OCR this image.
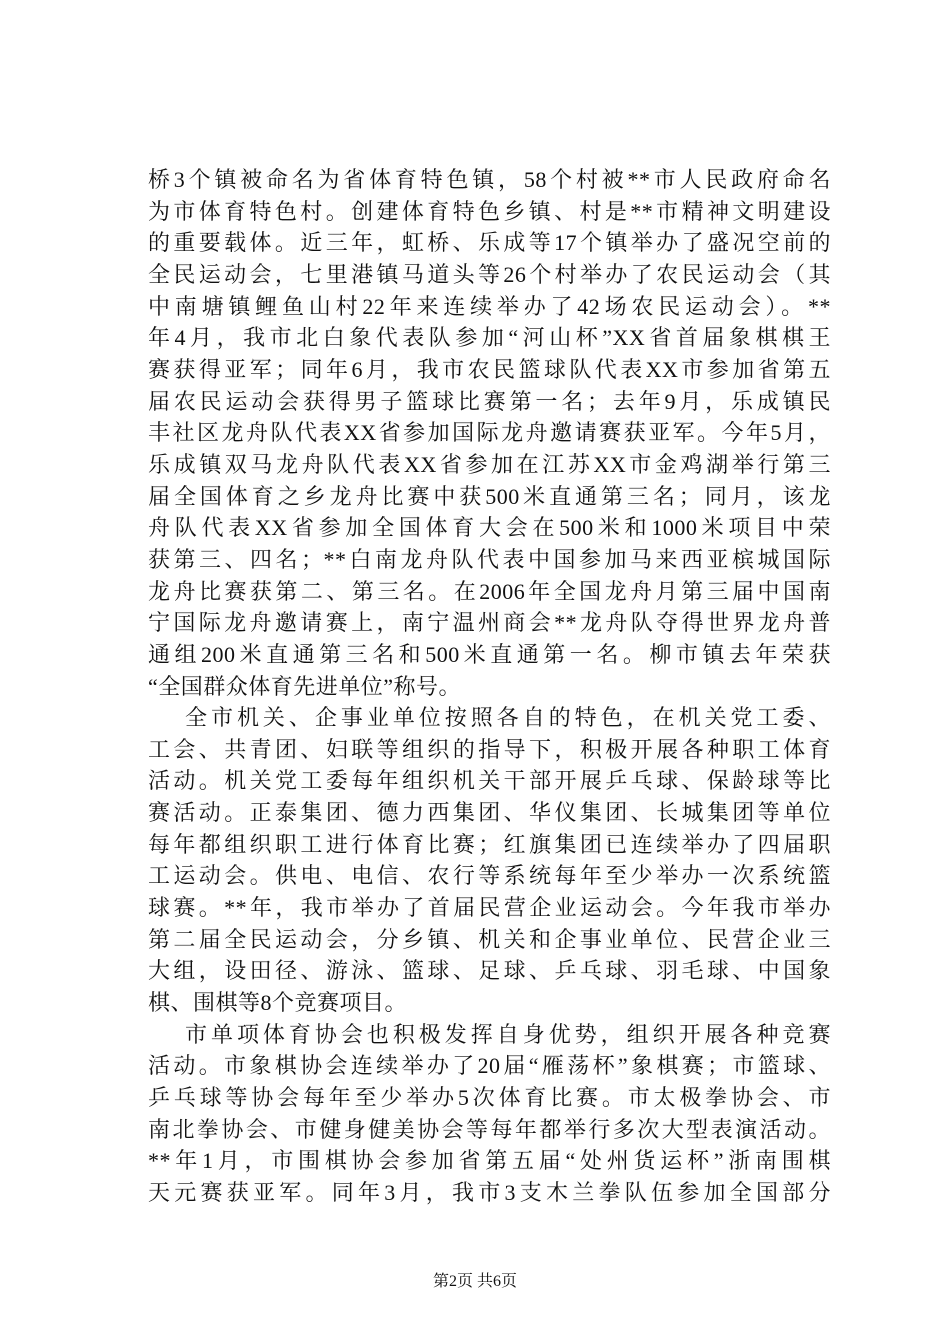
桥3个镇被命名为省体育特色镇，58个村被**市人民政府命名
为市体育特色村。创建体育特色乡镇、村是**市精神文明建设
的重要载体。近三年，虹桥、乐成等17个镇举办了盛况空前的
全民运动会，七里港镇马道头等26个村举办了农民运动会（其
中南塘镇鲤鱼山村22年来连续举办了42场农民运动会）。**
年4月，我市北白象代表队参加“河山杯”XX省首届象棋棋王
赛获得亚军；同年6月，我市农民篮球队代表XX市参加省第五
届农民运动会获得男子篮球比赛第一名；去年9月，乐成镇民
丰社区龙舟队代表XX省参加国际龙舟邀请赛获亚军。今年5月，
乐成镇双马龙舟队代表XX省参加在江苏XX市金鸡湖举行第三
届全国体育之乡龙舟比赛中获500米直通第三名；同月，该龙
舟队代表XX省参加全国体育大会在500米和1000米项目中荣
获第三、四名；**白南龙舟队代表中国参加马来西亚槟城国际
龙舟比赛获第二、第三名。在2006年全国龙舟月第三届中国南
宁国际龙舟邀请赛上，南宁温州商会**龙舟队夺得世界龙舟普
通组200米直通第三名和500米直通第一名。柳市镇去年荣获
“全国群众体育先进单位”称号。
全市机关、企事业单位按照各自的特色，在机关党工委、
工会、共青团、妇联等组织的指导下，积极开展各种职工体育
活动。机关党工委每年组织机关干部开展乒乓球、保龄球等比
赛活动。正泰集团、德力西集团、华仪集团、长城集团等单位
每年都组织职工进行体育比赛；红旗集团已连续举办了四届职
工运动会。供电、电信、农行等系统每年至少举办一次系统篮
球赛。**年，我市举办了首届民营企业运动会。今年我市举办
第二届全民运动会，分乡镇、机关和企事业单位、民营企业三
大组，设田径、游泳、篮球、足球、乒乓球、羽毛球、中国象
棋、围棋等8个竞赛项目。
市单项体育协会也积极发挥自身优势，组织开展各种竞赛
活动。市象棋协会连续举办了20届“雁荡杯”象棋赛；市篮球、
乒乓球等协会每年至少举办5次体育比赛。市太极拳协会、市
南北拳协会、市健身健美协会等每年都举行多次大型表演活动。
**年1月，市围棋协会参加省第五届“处州货运杯”浙南围棋
天元赛获亚军。同年3月，我市3支木兰拳队伍参加全国部分
第2页 共6页
